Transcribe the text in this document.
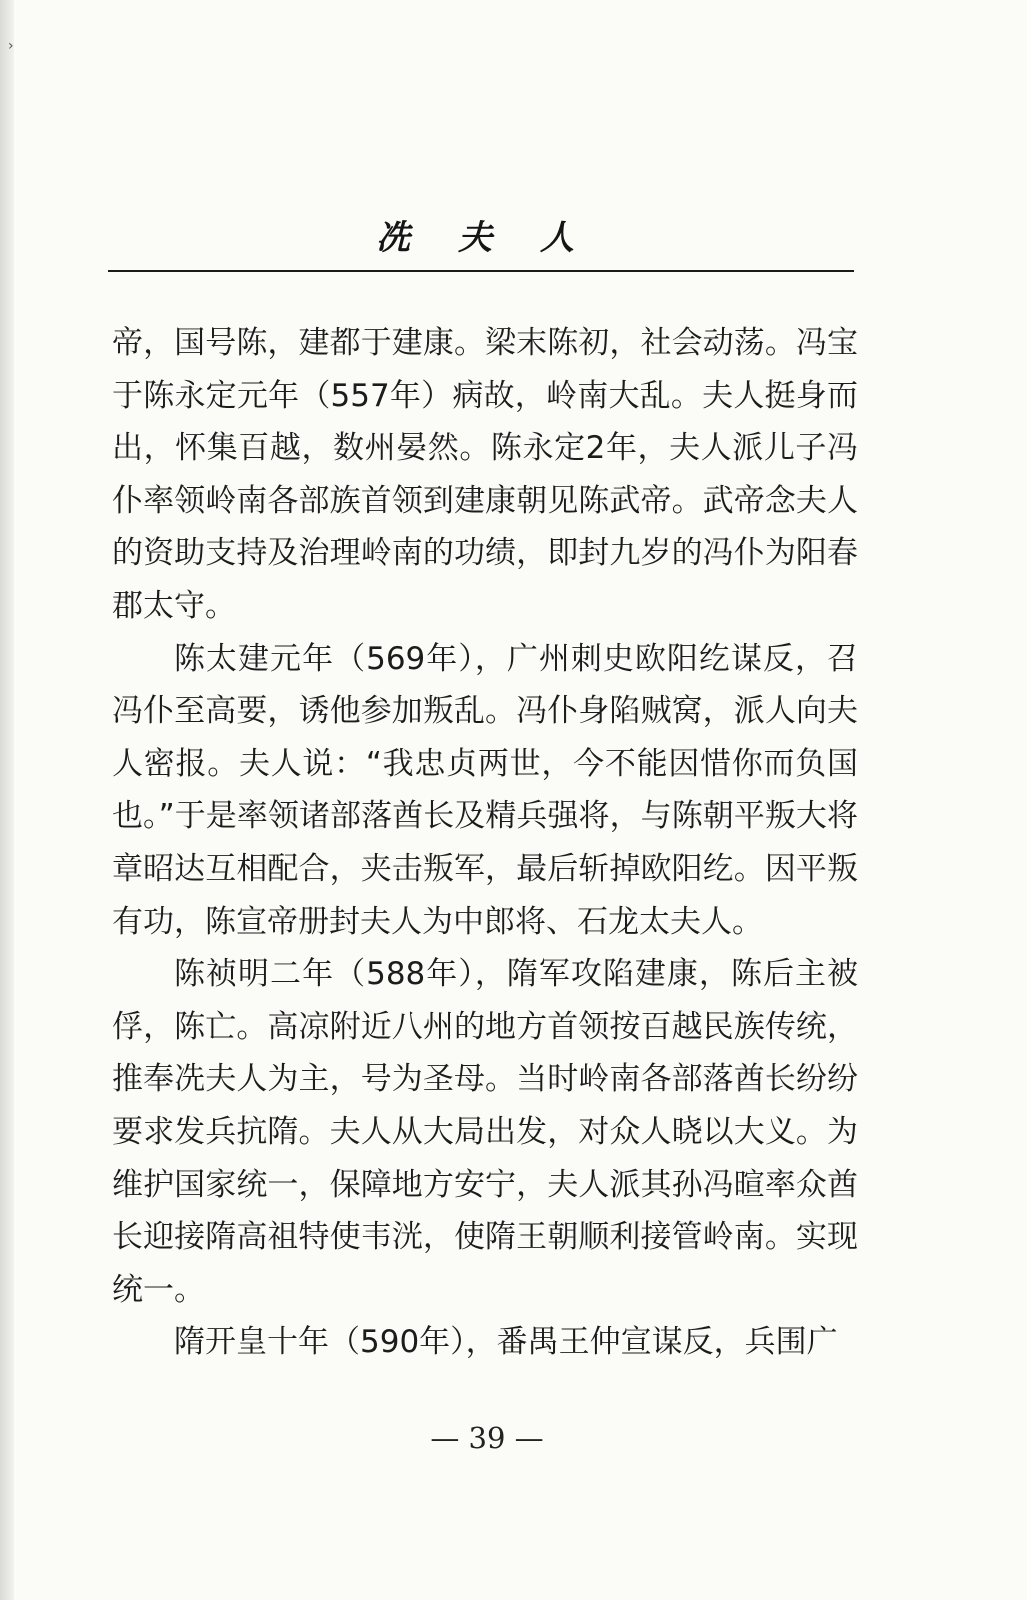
›
冼夫人

帝，国号陈，建都于建康。梁末陈初，社会动荡。冯宝于陈永定元年（557年）病故，岭南大乱。夫人挺身而出，怀集百越，数州晏然。陈永定2年，夫人派儿子冯仆率领岭南各部族首领到建康朝见陈武帝。武帝念夫人的资助支持及治理岭南的功绩，即封九岁的冯仆为阳春郡太守。

陈太建元年（569年），广州刺史欧阳纥谋反，召冯仆至高要，诱他参加叛乱。冯仆身陷贼窝，派人向夫人密报。夫人说：“我忠贞两世，今不能因惜你而负国也。”于是率领诸部落酋长及精兵强将，与陈朝平叛大将章昭达互相配合，夹击叛军，最后斩掉欧阳纥。因平叛有功，陈宣帝册封夫人为中郎将、石龙太夫人。

陈祯明二年（588年），隋军攻陷建康，陈后主被俘，陈亡。高凉附近八州的地方首领按百越民族传统，推奉冼夫人为主，号为圣母。当时岭南各部落酋长纷纷要求发兵抗隋。夫人从大局出发，对众人晓以大义。为维护国家统一，保障地方安宁，夫人派其孙冯暄率众酋长迎接隋高祖特使韦洸，使隋王朝顺利接管岭南。实现统一。

隋开皇十年（590年），番禺王仲宣谋反，兵围广

— 39 —
